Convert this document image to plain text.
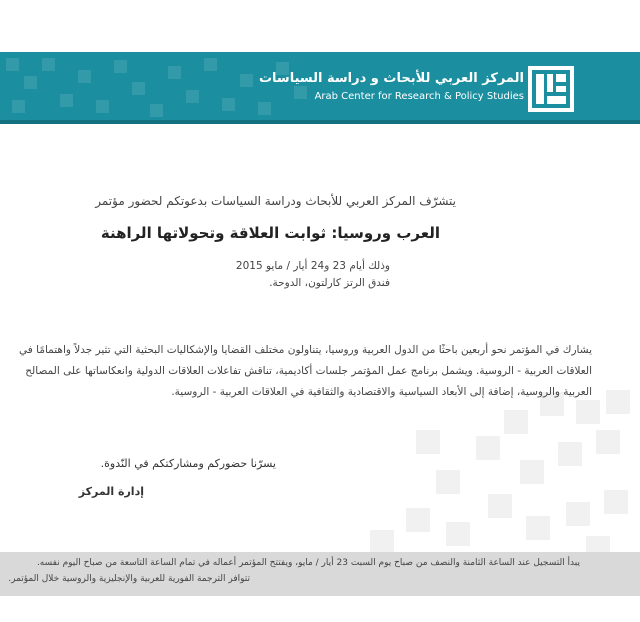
المركز العربي للأبحاث و دراسة السياسات
Arab Center for Research & Policy Studies
يتشرّف المركز العربي للأبحاث ودراسة السياسات بدعوتكم لحضور مؤتمر
العرب وروسيا: ثوابت العلاقة وتحولاتها الراهنة
وذلك أيام 23 و24 أيار / مايو 2015
فندق الرتز كارلتون، الدوحة.
يشارك في المؤتمر نحو أربعين باحثًا من الدول العربية وروسيا، يتناولون مختلف القضايا والإشكاليات البحثية التي تثير جدلاً واهتمامًا في
العلاقات العربية - الروسية. ويشمل برنامج عمل المؤتمر جلسات أكاديمية، تناقش تفاعلات العلاقات الدولية وانعكاساتها على المصالح
العربية والروسية، إضافة إلى الأبعاد السياسية والاقتصادية والثقافية في العلاقات العربية - الروسية.
يسرّنا حضوركم ومشاركتكم في النّدوة.
إدارة المركز
يبدأ التسجيل عند الساعة الثامنة والنصف من صباح يوم السبت 23 أيار / مايو، ويفتتح المؤتمر أعماله في تمام الساعة التاسعة من صباح اليوم نفسه.
تتوافر الترجمة الفورية للعربية والإنجليزية والروسية خلال المؤتمر.
